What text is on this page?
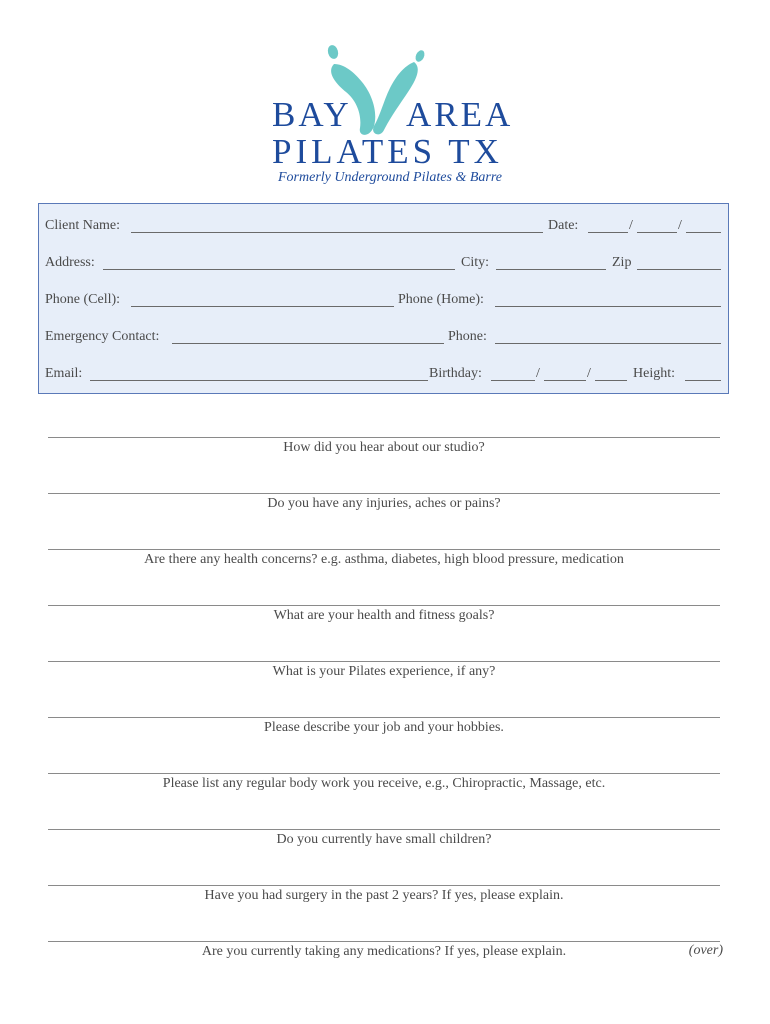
BAY AREA
PILATES TX
Formerly Underground Pilates & Barre
Client Name:	Date:	/	/
Address:	City:	Zip
Phone (Cell):	Phone (Home):
Emergency Contact:	Phone:
Email:	Birthday:	/	/	Height:
How did you hear about our studio?
Do you have any injuries, aches or pains?
Are there any health concerns? e.g. asthma, diabetes, high blood pressure, medication
What are your health and fitness goals?
What is your Pilates experience, if any?
Please describe your job and your hobbies.
Please list any regular body work you receive, e.g., Chiropractic, Massage, etc.
Do you currently have small children?
Have you had surgery in the past 2 years? If yes, please explain.
Are you currently taking any medications? If yes, please explain.	(over)
